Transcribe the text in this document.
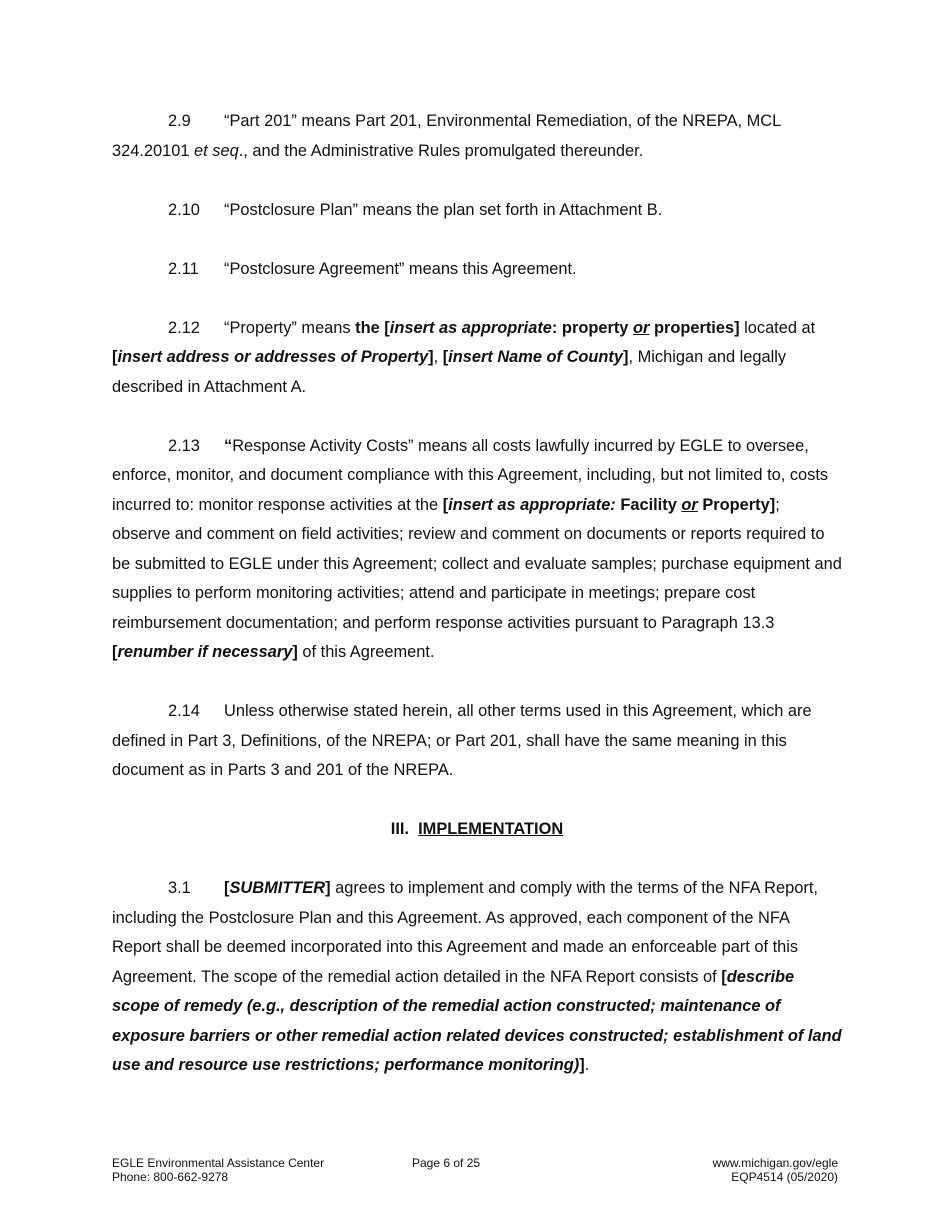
2.9 “Part 201” means Part 201, Environmental Remediation, of the NREPA, MCL 324.20101 et seq., and the Administrative Rules promulgated thereunder.

2.10 “Postclosure Plan” means the plan set forth in Attachment B.

2.11 “Postclosure Agreement” means this Agreement.

2.12 “Property” means the [insert as appropriate: property or properties] located at [insert address or addresses of Property], [insert Name of County], Michigan and legally described in Attachment A.

2.13 “Response Activity Costs” means all costs lawfully incurred by EGLE to oversee, enforce, monitor, and document compliance with this Agreement, including, but not limited to, costs incurred to: monitor response activities at the [insert as appropriate: Facility or Property]; observe and comment on field activities; review and comment on documents or reports required to be submitted to EGLE under this Agreement; collect and evaluate samples; purchase equipment and supplies to perform monitoring activities; attend and participate in meetings; prepare cost reimbursement documentation; and perform response activities pursuant to Paragraph 13.3 [renumber if necessary] of this Agreement.

2.14 Unless otherwise stated herein, all other terms used in this Agreement, which are defined in Part 3, Definitions, of the NREPA; or Part 201, shall have the same meaning in this document as in Parts 3 and 201 of the NREPA.

III. IMPLEMENTATION

3.1 [SUBMITTER] agrees to implement and comply with the terms of the NFA Report, including the Postclosure Plan and this Agreement. As approved, each component of the NFA Report shall be deemed incorporated into this Agreement and made an enforceable part of this Agreement. The scope of the remedial action detailed in the NFA Report consists of [describe scope of remedy (e.g., description of the remedial action constructed; maintenance of exposure barriers or other remedial action related devices constructed; establishment of land use and resource use restrictions; performance monitoring)].

EGLE Environmental Assistance Center
Phone: 800-662-9278
Page 6 of 25	www.michigan.gov/egle
EQP4514 (05/2020)
